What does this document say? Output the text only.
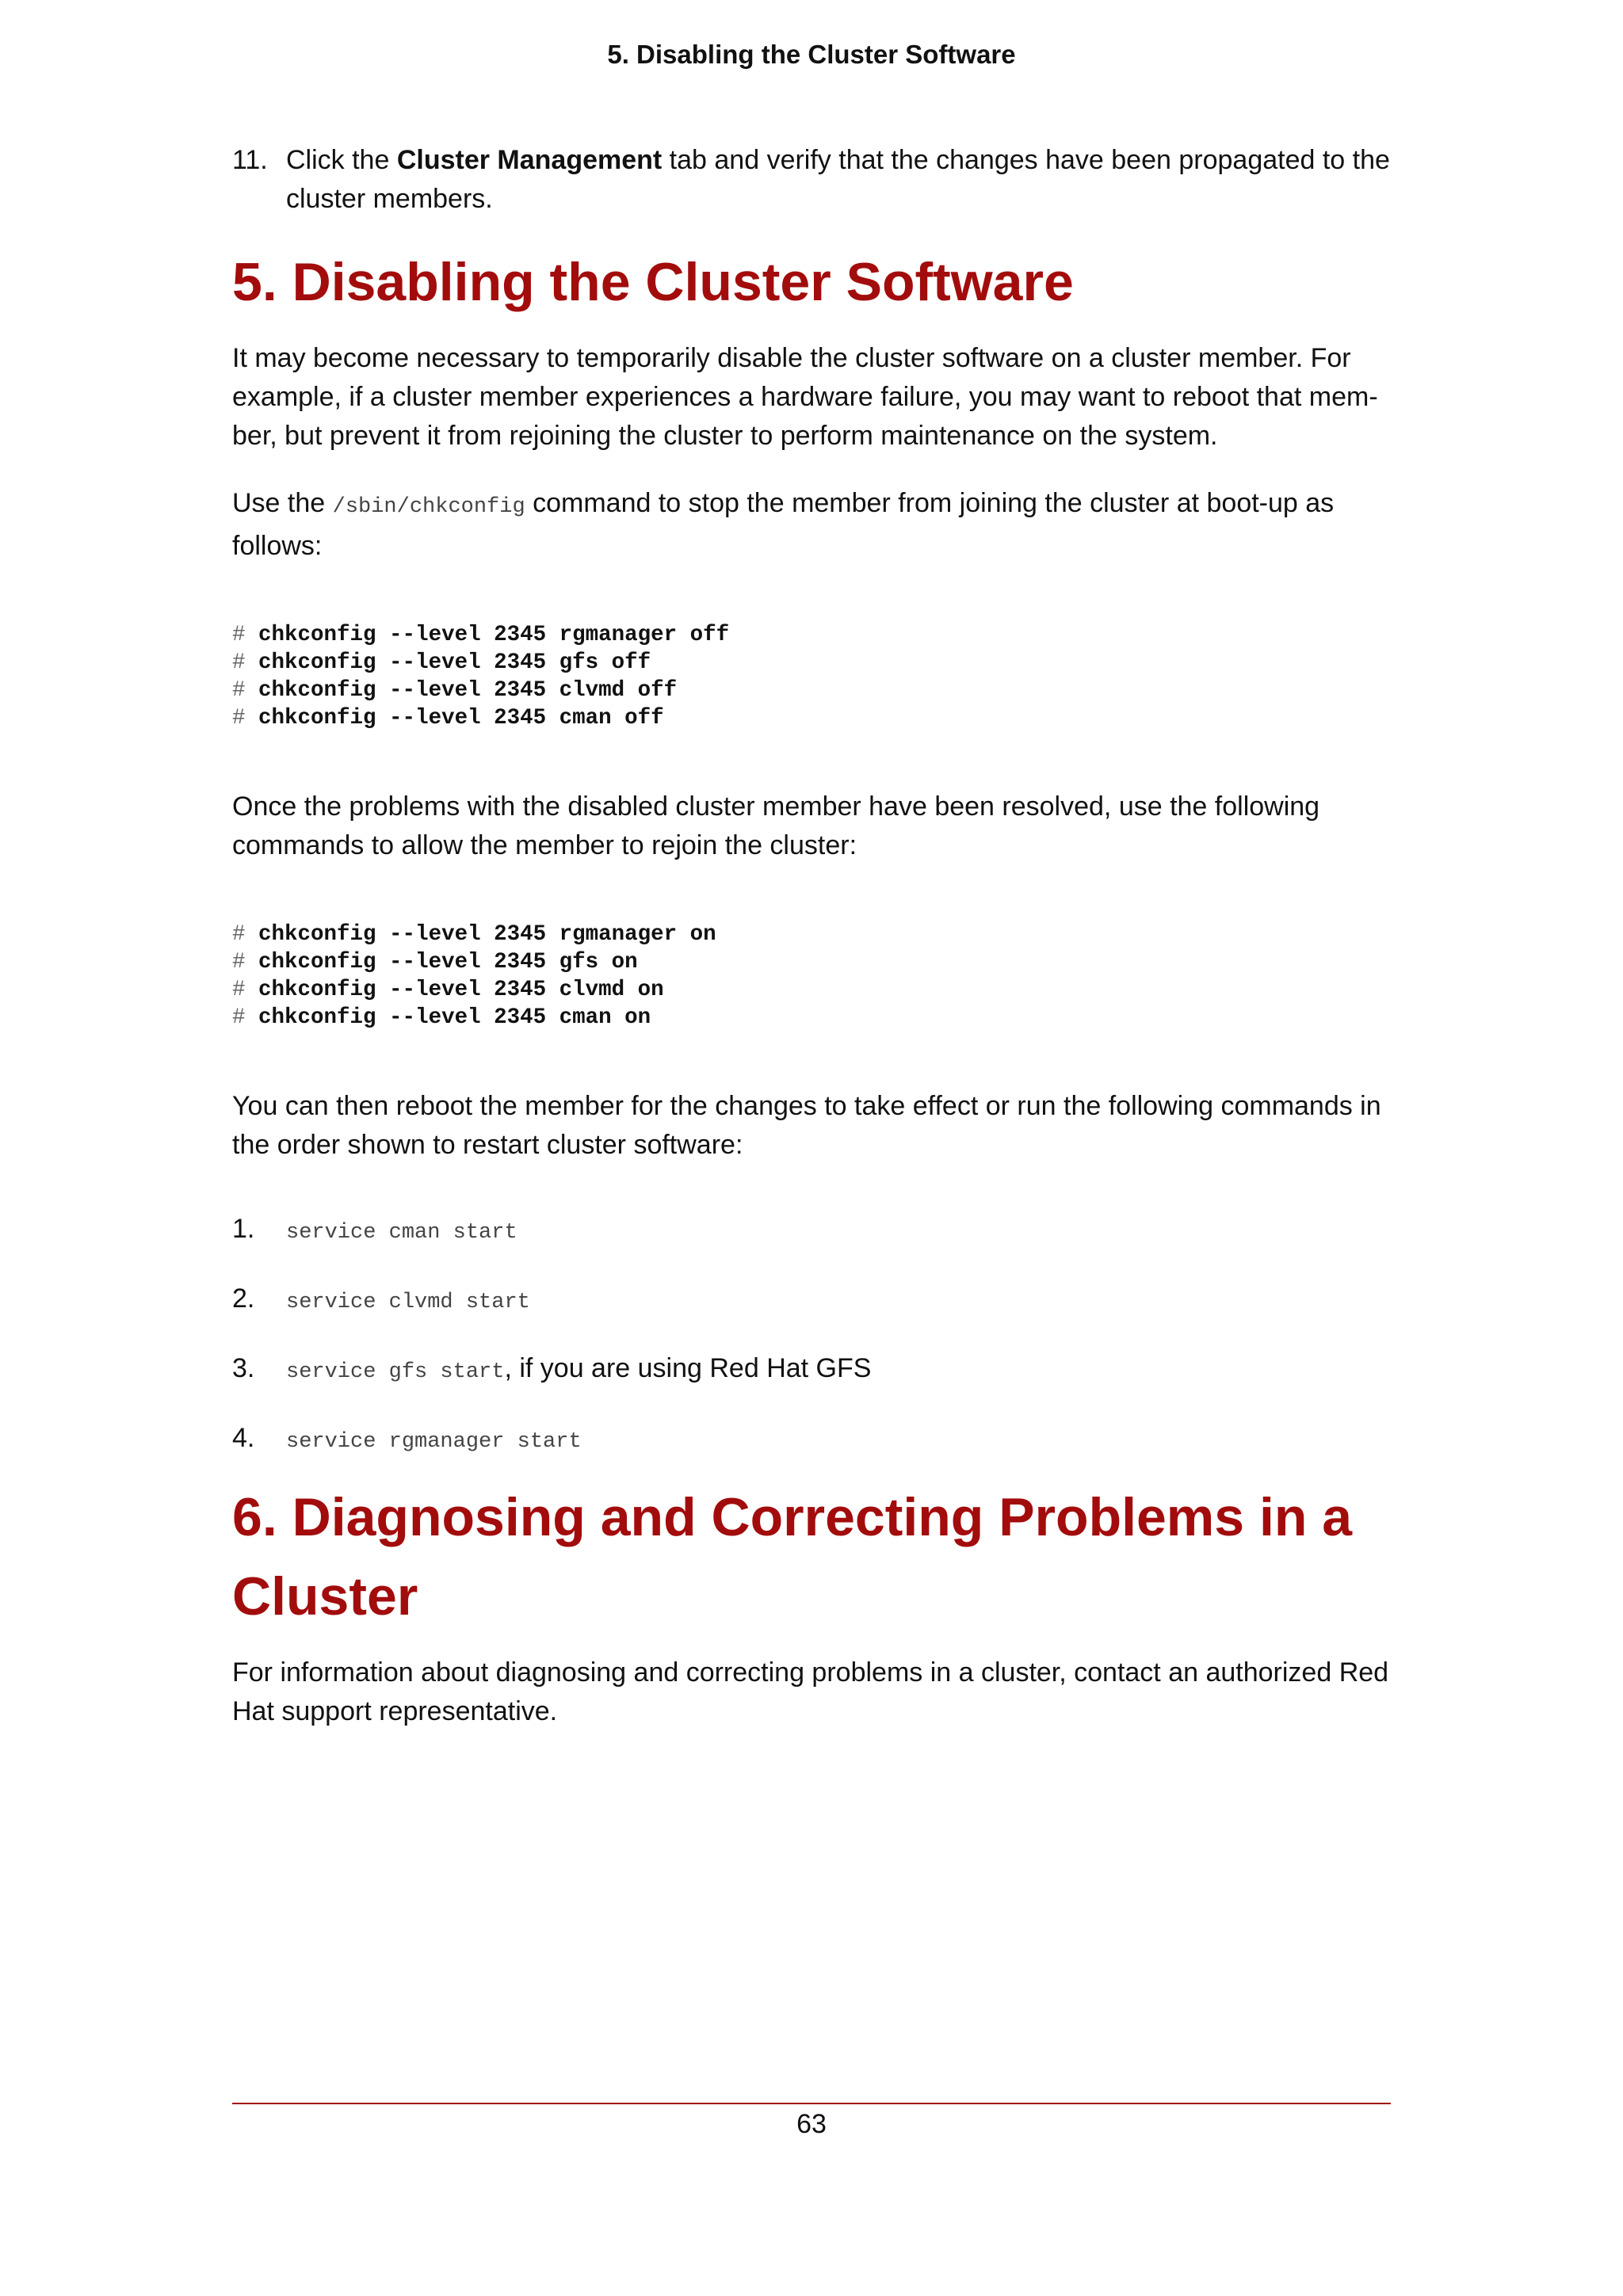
5. Disabling the Cluster Software
11. Click the Cluster Management tab and verify that the changes have been propagated to the cluster members.
5. Disabling the Cluster Software

It may become necessary to temporarily disable the cluster software on a cluster member. For example, if a cluster member experiences a hardware failure, you may want to reboot that mem-ber, but prevent it from rejoining the cluster to perform maintenance on the system.

Use the /sbin/chkconfig command to stop the member from joining the cluster at boot-up as follows:

# chkconfig --level 2345 rgmanager off
# chkconfig --level 2345 gfs off
# chkconfig --level 2345 clvmd off
# chkconfig --level 2345 cman off

Once the problems with the disabled cluster member have been resolved, use the following commands to allow the member to rejoin the cluster:

# chkconfig --level 2345 rgmanager on
# chkconfig --level 2345 gfs on
# chkconfig --level 2345 clvmd on
# chkconfig --level 2345 cman on

You can then reboot the member for the changes to take effect or run the following commands in the order shown to restart cluster software:

1. service cman start
2. service clvmd start
3. service gfs start, if you are using Red Hat GFS
4. service rgmanager start
6. Diagnosing and Correcting Problems in a Cluster

For information about diagnosing and correcting problems in a cluster, contact an authorized Red Hat support representative.

63
